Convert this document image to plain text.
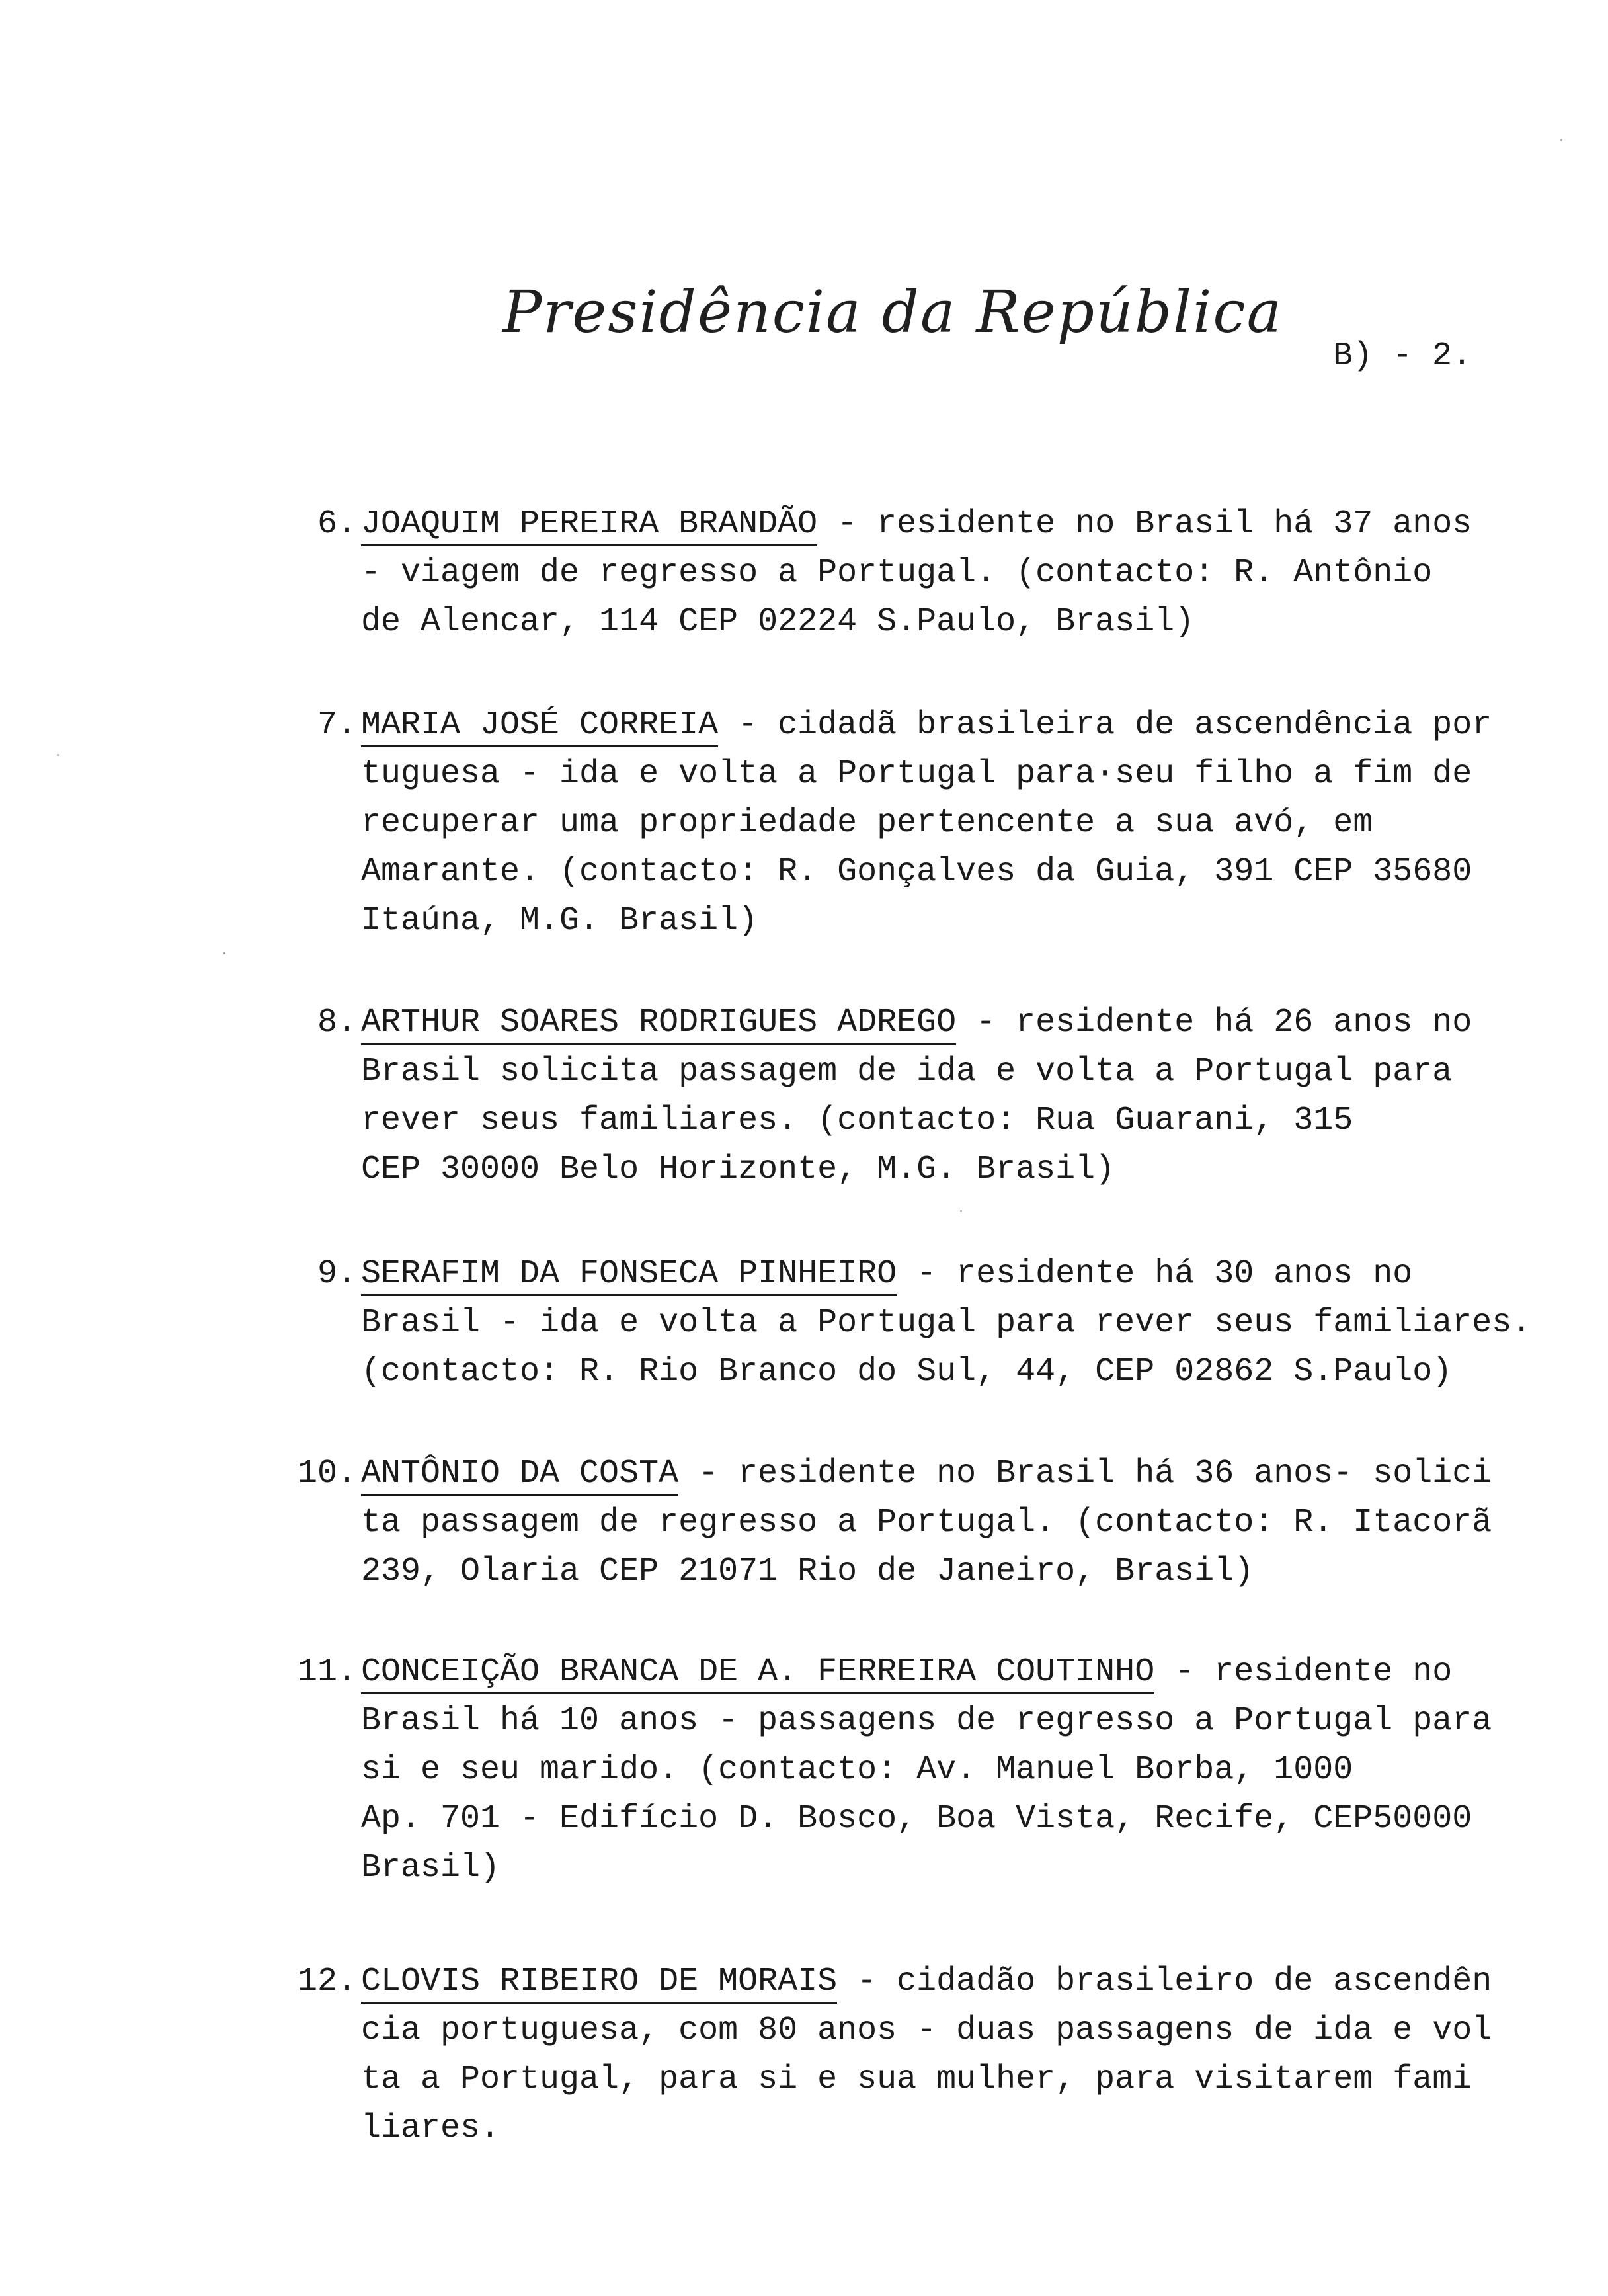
Presidência da República
B) - 2.
6. JOAQUIM PEREIRA BRANDÃO - residente no Brasil há 37 anos
- viagem de regresso a Portugal. (contacto: R. Antônio
de Alencar, 114 CEP 02224 S.Paulo, Brasil)
7. MARIA JOSÉ CORREIA - cidadã brasileira de ascendência por
tuguesa - ida e volta a Portugal para·seu filho a fim de
recuperar uma propriedade pertencente a sua avó, em
Amarante. (contacto: R. Gonçalves da Guia, 391 CEP 35680
Itaúna, M.G. Brasil)
8. ARTHUR SOARES RODRIGUES ADREGO - residente há 26 anos no
Brasil solicita passagem de ida e volta a Portugal para
rever seus familiares. (contacto: Rua Guarani, 315
CEP 30000 Belo Horizonte, M.G. Brasil)
9. SERAFIM DA FONSECA PINHEIRO - residente há 30 anos no
Brasil - ida e volta a Portugal para rever seus familiares.
(contacto: R. Rio Branco do Sul, 44, CEP 02862 S.Paulo)
10. ANTÔNIO DA COSTA - residente no Brasil há 36 anos- solici
ta passagem de regresso a Portugal. (contacto: R. Itacorã
239, Olaria CEP 21071 Rio de Janeiro, Brasil)
11. CONCEIÇÃO BRANCA DE A. FERREIRA COUTINHO - residente no
Brasil há 10 anos - passagens de regresso a Portugal para
si e seu marido. (contacto: Av. Manuel Borba, 1000
Ap. 701 - Edifício D. Bosco, Boa Vista, Recife, CEP50000
Brasil)
12. CLOVIS RIBEIRO DE MORAIS - cidadão brasileiro de ascendên
cia portuguesa, com 80 anos - duas passagens de ida e vol
ta a Portugal, para si e sua mulher, para visitarem fami
liares.
